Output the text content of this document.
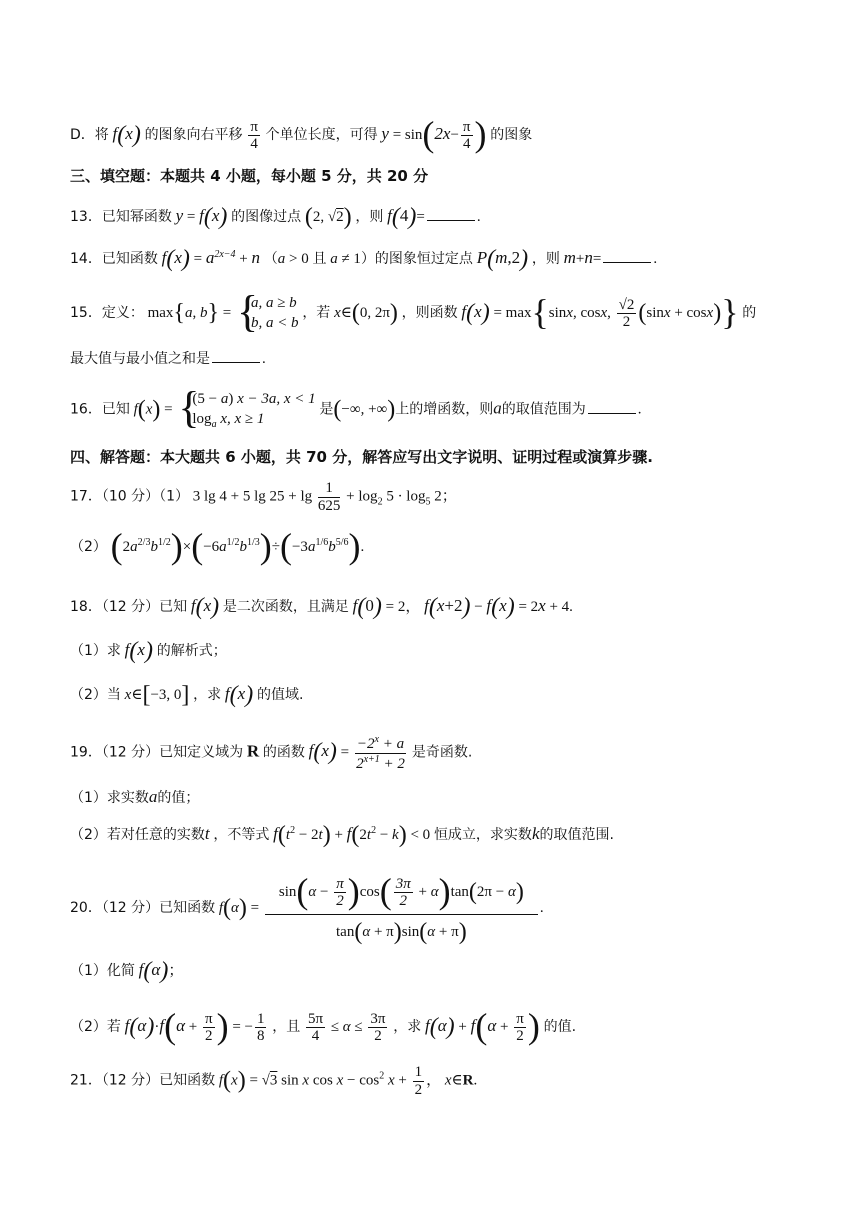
D．将 f(x) 的图象向右平移 $\frac{\pi}{4}$ 个单位长度，可得 $y = \sin(2x- \frac{\pi}{4}$ ) 的图象
三、填空题：本题共 4 小题，每小题 5 分，共 20 分
13．已知幂函数 y = f(x) 的图像过点 (2, √2) ，则 f(4)=	.
14．已知函数 $f(x) = a^{2x-4} + n$ （a > 0 且 a ≠ 1）的图象恒过定点 P(m,2) ，则 m+n=	.
15．定义： max{a, b} =
{ a, a ≥ b
b, a < b
，若 x∈(0, 2π) ，则函数 f(x) = max{sinx, cosx, $\frac{√2}{2} (\sin x + \cos x)$} 的
最大值与最小值之和是	.
16．已知 f(x) =
{ (5 − a) x − 3a, x < 1
$\log_a x$, x ≥ 1
是(−∞, +∞)上的增函数，则a的取值范围为	.
四、解答题：本大题共 6 小题，共 70 分，解答应写出文字说明、证明过程或演算步骤.
17．（10 分）（1） 3 lg 4 + 5 $\lg 25 + \lg \frac{1}{625} + \log_2 5 \cdot \log_5 2$；
（2） $(2a^{2/3}b^{1/2})\times(-6a^{1/2}b^{1/3})\div(-3a^{1/6}b^{5/6})$.
18．（12 分）已知 f(x) 是二次函数，且满足 f(0) = 2， f(x+2) − f(x) = 2x + 4.
（1）求 f(x) 的解析式；
（2）当 x∈[−3, 0] ，求 f(x) 的值域.
19．（12 分）已知定义域为 R 的函数 $f(x) = \frac{-2^x + a}{2^{x+1} + 2}$ 是奇函数.
（1）求实数a的值；
（2）若对任意的实数t ，不等式 $f(t^2 - 2t) + f(2t^2 - k) < 0$ 恒成立，求实数k的取值范围.
20．（12 分）已知函数 $f(\alpha) = \frac{\sin(\alpha - \frac{\pi}{2} )\cos( \frac{3\pi}{2} + \alpha)\tan(2\pi - \alpha)}{\tan(\alpha + \pi)\sin(\alpha + \pi)}$ .
（1）化简 f(α)；
（2）若 $f(\alpha)\cdot f(\alpha + \frac{\pi}{2}$ ) = − $\frac{1}{8}$ ，且 $\frac{5\pi}{4} \le \alpha \le \frac{3\pi}{2}$ ，求 $f(\alpha) + f(\alpha + \frac{\pi}{2}$ ) 的值.
21．（12 分）已知函数 f(x) = √3 sin x $\cos x - \cos^2 x + \frac{1}{2}$ ， x∈R.
